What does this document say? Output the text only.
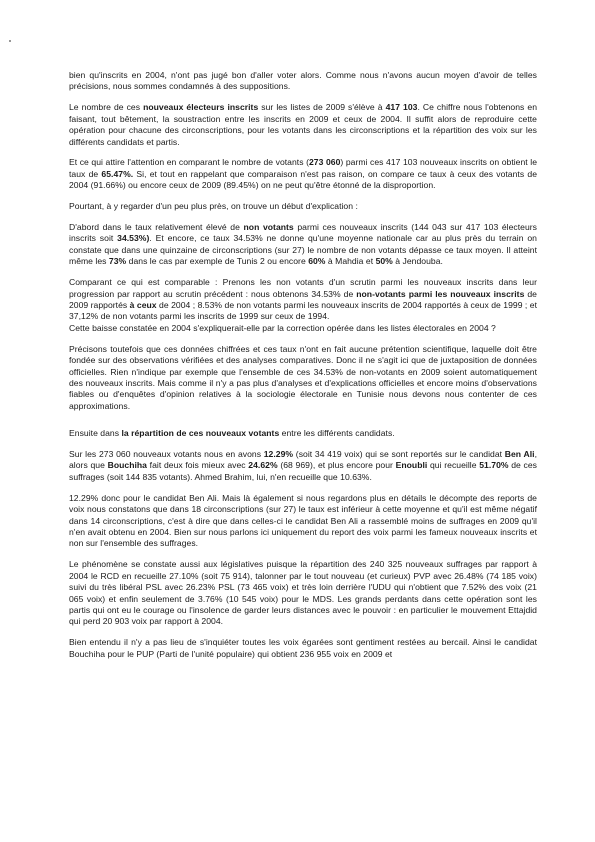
bien qu'inscrits en 2004, n'ont pas jugé bon d'aller voter alors. Comme nous n'avons aucun moyen d'avoir de telles précisions, nous sommes condamnés à des suppositions.

Le nombre de ces nouveaux électeurs inscrits sur les listes de 2009 s'élève à 417 103. Ce chiffre nous l'obtenons en faisant, tout bêtement, la soustraction entre les inscrits en 2009 et ceux de 2004. Il suffit alors de reproduire cette opération pour chacune des circonscriptions, pour les votants dans les circonscriptions et la répartition des voix sur les différents candidats et partis.

Et ce qui attire l'attention en comparant le nombre de votants (273 060) parmi ces 417 103 nouveaux inscrits on obtient le taux de 65.47%. Si, et tout en rappelant que comparaison n'est pas raison, on compare ce taux à ceux des votants de 2004 (91.66%) ou encore ceux de 2009 (89.45%) on ne peut qu'être étonné de la disproportion.

Pourtant, à y regarder d'un peu plus près, on trouve un début d'explication :

D'abord dans le taux relativement élevé de non votants parmi ces nouveaux inscrits (144 043 sur 417 103 électeurs inscrits soit 34.53%). Et encore, ce taux 34.53% ne donne qu'une moyenne nationale car au plus près du terrain on constate que dans une quinzaine de circonscriptions (sur 27) le nombre de non votants dépasse ce taux moyen. Il atteint même les 73% dans le cas par exemple de Tunis 2 ou encore 60% à Mahdia et 50% à Jendouba.

Comparant ce qui est comparable : Prenons les non votants d'un scrutin parmi les nouveaux inscrits dans leur progression par rapport au scrutin précédent : nous obtenons 34.53% de non-votants parmi les nouveaux inscrits de 2009 rapportés à ceux de 2004 ; 8.53% de non votants parmi les nouveaux inscrits de 2004 rapportés à ceux de 1999 ; et 37,12% de non votants parmi les inscrits de 1999 sur ceux de 1994.
Cette baisse constatée en 2004 s'expliquerait-elle par la correction opérée dans les listes électorales en 2004 ?

Précisons toutefois que ces données chiffrées et ces taux n'ont en fait aucune prétention scientifique, laquelle doit être fondée sur des observations vérifiées et des analyses comparatives. Donc il ne s'agit ici que de juxtaposition de données officielles. Rien n'indique par exemple que l'ensemble de ces 34.53% de non-votants en 2009 soient automatiquement des nouveaux inscrits. Mais comme il n'y a pas plus d'analyses et d'explications officielles et encore moins d'observations fiables ou d'enquêtes d'opinion relatives à la sociologie électorale en Tunisie nous devons nous contenter de ces approximations.

Ensuite dans la répartition de ces nouveaux votants entre les différents candidats.

Sur les 273 060 nouveaux votants nous en avons 12.29% (soit 34 419 voix) qui se sont reportés sur le candidat Ben Ali, alors que Bouchiha fait deux fois mieux avec 24.62% (68 969), et plus encore pour Enoubli qui recueille 51.70% de ces suffrages (soit 144 835 votants). Ahmed Brahim, lui, n'en recueille que 10.63%.

12.29% donc pour le candidat Ben Ali. Mais là également si nous regardons plus en détails le décompte des reports de voix nous constatons que dans 18 circonscriptions (sur 27) le taux est inférieur à cette moyenne et qu'il est même négatif dans 14 circonscriptions, c'est à dire que dans celles-ci le candidat Ben Ali a rassemblé moins de suffrages en 2009 qu'il n'en avait obtenu en 2004. Bien sur nous parlons ici uniquement du report des voix parmi les fameux nouveaux inscrits et non sur l'ensemble des suffrages.

Le phénomène se constate aussi aux législatives puisque la répartition des 240 325 nouveaux suffrages par rapport à 2004 le RCD en recueille 27.10% (soit 75 914), talonner par le tout nouveau (et curieux) PVP avec 26.48% (74 185 voix) suivi du très libéral PSL avec 26.23% PSL (73 465 voix) et très loin derrière l'UDU qui n'obtient que 7.52% des voix (21 065 voix) et enfin seulement de 3.76% (10 545 voix) pour le MDS. Les grands perdants dans cette opération sont les partis qui ont eu le courage ou l'insolence de garder leurs distances avec le pouvoir : en particulier le mouvement Ettajdid qui perd 20 903 voix par rapport à 2004.

Bien entendu il n'y a pas lieu de s'inquiéter toutes les voix égarées sont gentiment restées au bercail. Ainsi le candidat Bouchiha pour le PUP (Parti de l'unité populaire) qui obtient 236 955 voix en 2009 et
